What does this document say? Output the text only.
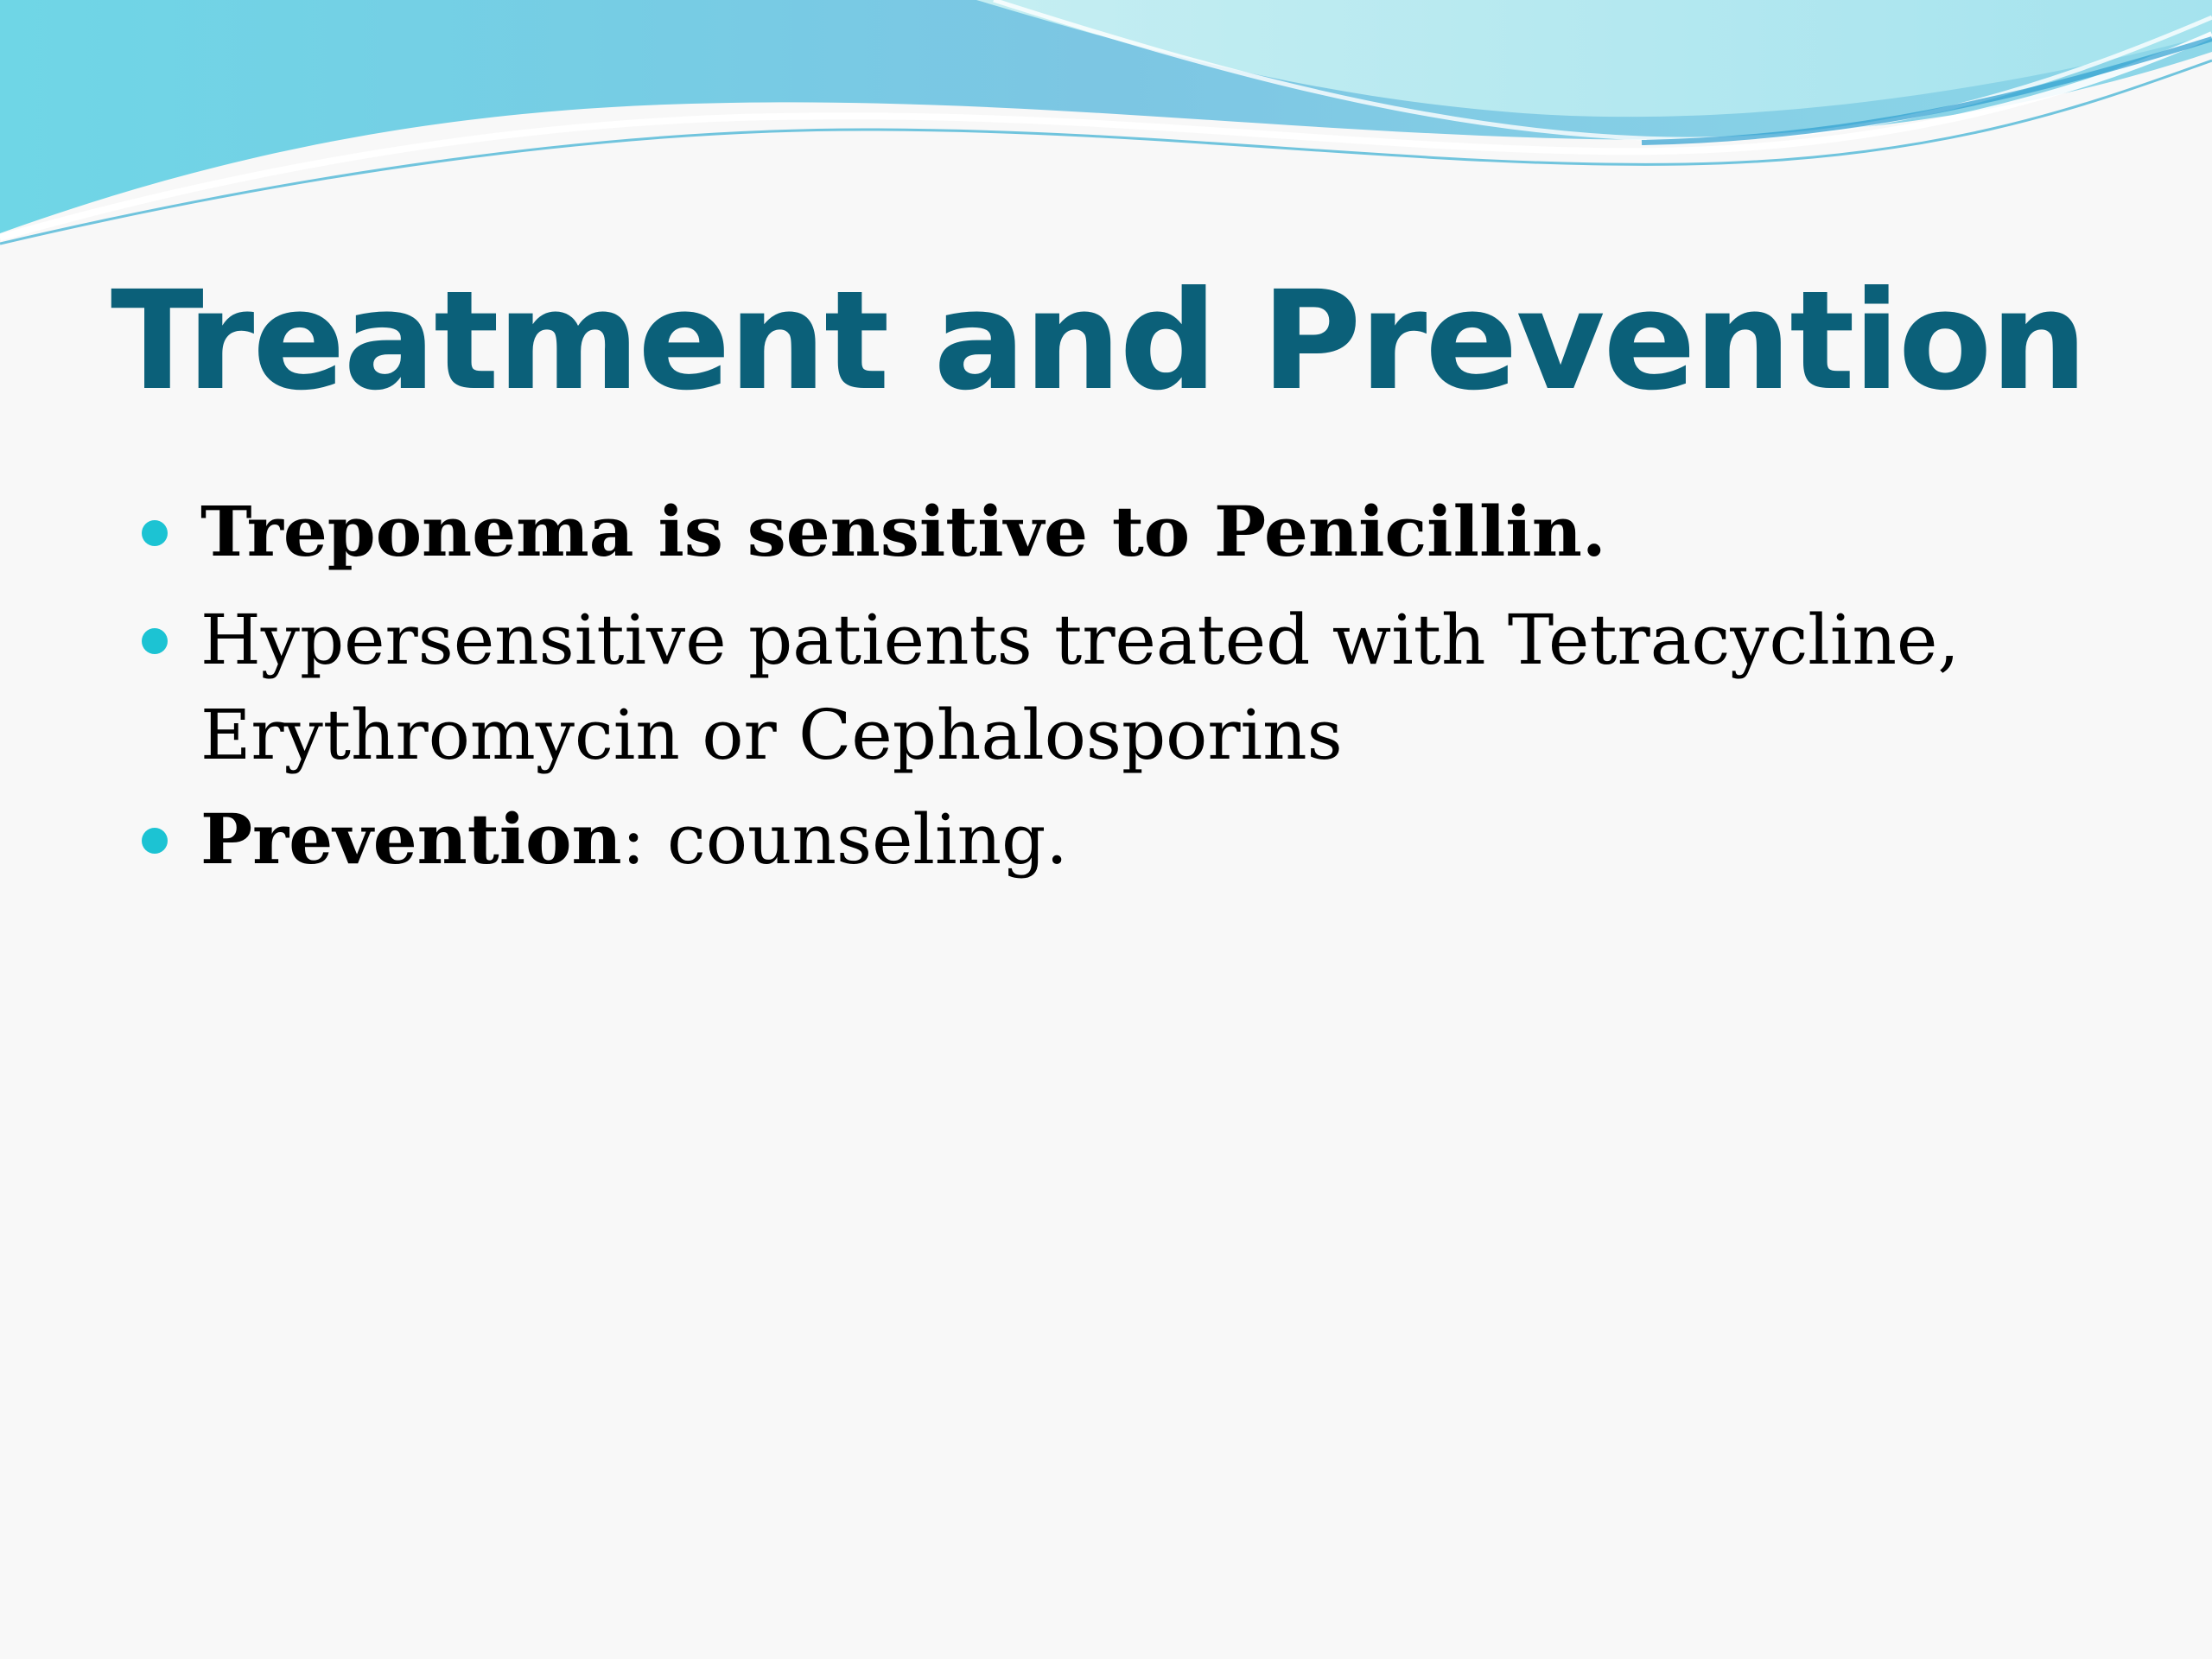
Treatment and Prevention
Treponema is sensitive to Penicillin.
Hypersensitive patients treated with Tetracycline, Erythromycin or Cephalosporins
Prevention: counseling.
